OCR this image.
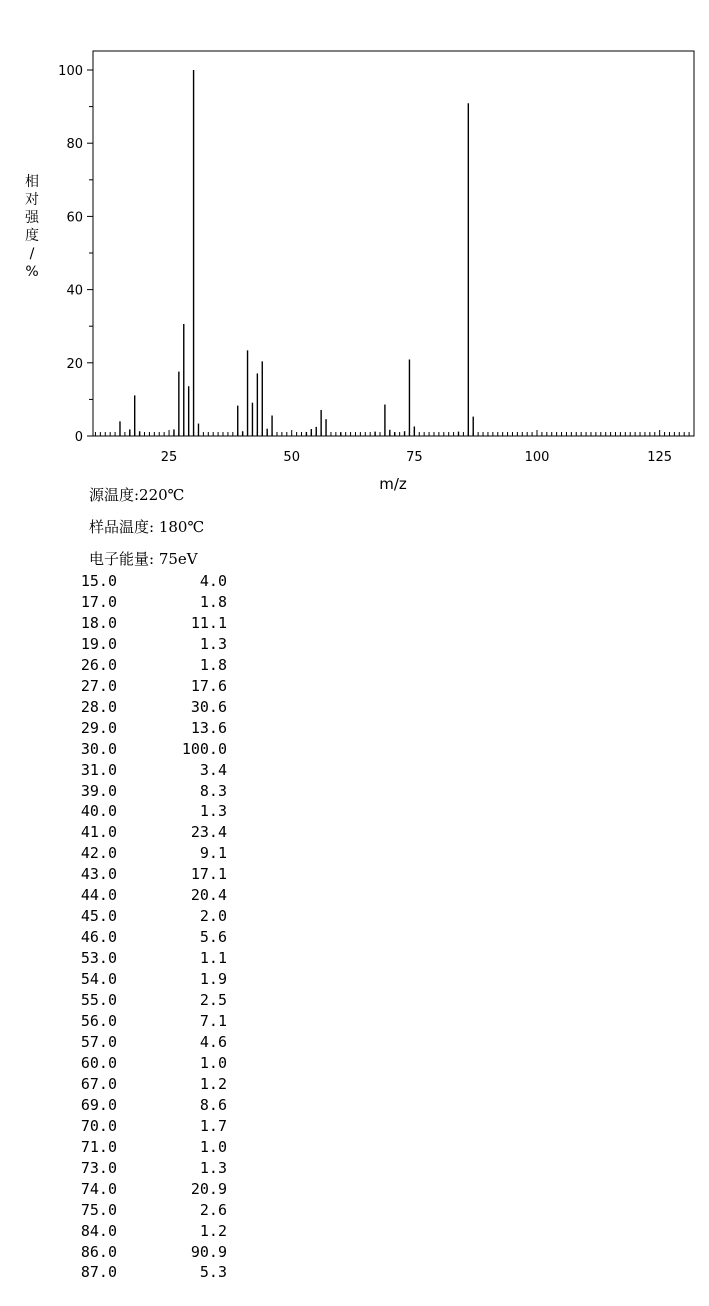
0
20
40
60
80
100
25	50	75	100	125
相对强度/ %
m/z
源温度:220℃
样品温度: 180℃
电子能量: 75eV
15.0	4.0
17.0	1.8
18.0	11.1
19.0	1.3
26.0	1.8
27.0	17.6
28.0	30.6
29.0	13.6
30.0	100.0
31.0	3.4
39.0	8.3
40.0	1.3
41.0	23.4
42.0	9.1
43.0	17.1
44.0	20.4
45.0	2.0
46.0	5.6
53.0	1.1
54.0	1.9
55.0	2.5
56.0	7.1
57.0	4.6
60.0	1.0
67.0	1.2
69.0	8.6
70.0	1.7
71.0	1.0
73.0	1.3
74.0	20.9
75.0	2.6
84.0	1.2
86.0	90.9
87.0	5.3
